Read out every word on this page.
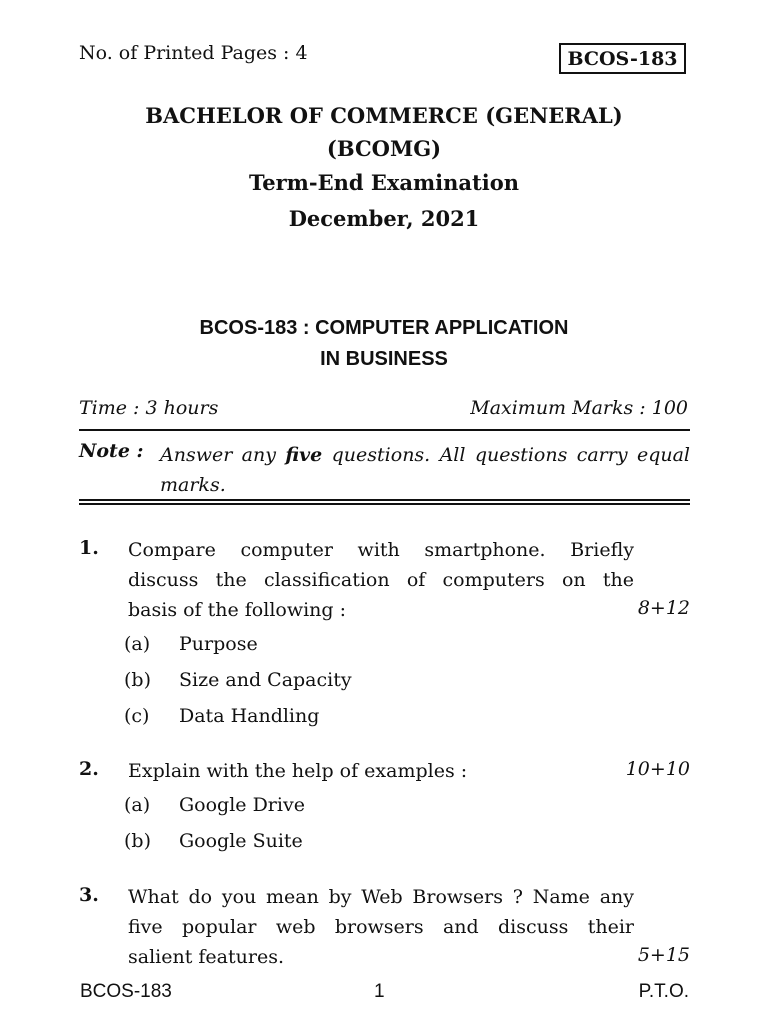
No. of Printed Pages : 4	BCOS-183
BACHELOR OF COMMERCE (GENERAL)
(BCOMG)
Term-End Examination
December, 2021
BCOS-183 : COMPUTER APPLICATION
IN BUSINESS
Time : 3 hours	Maximum Marks : 100
Note : Answer any five questions. All questions carry equal marks.
1. Compare computer with smartphone. Briefly discuss the classification of computers on the
basis of the following :	8+12
(a) Purpose
(b) Size and Capacity
(c) Data Handling
2. Explain with the help of examples :	10+10
(a) Google Drive
(b) Google Suite
3. What do you mean by Web Browsers ? Name any five popular web browsers and discuss their
salient features.	5+15
BCOS-183	1	P.T.O.
